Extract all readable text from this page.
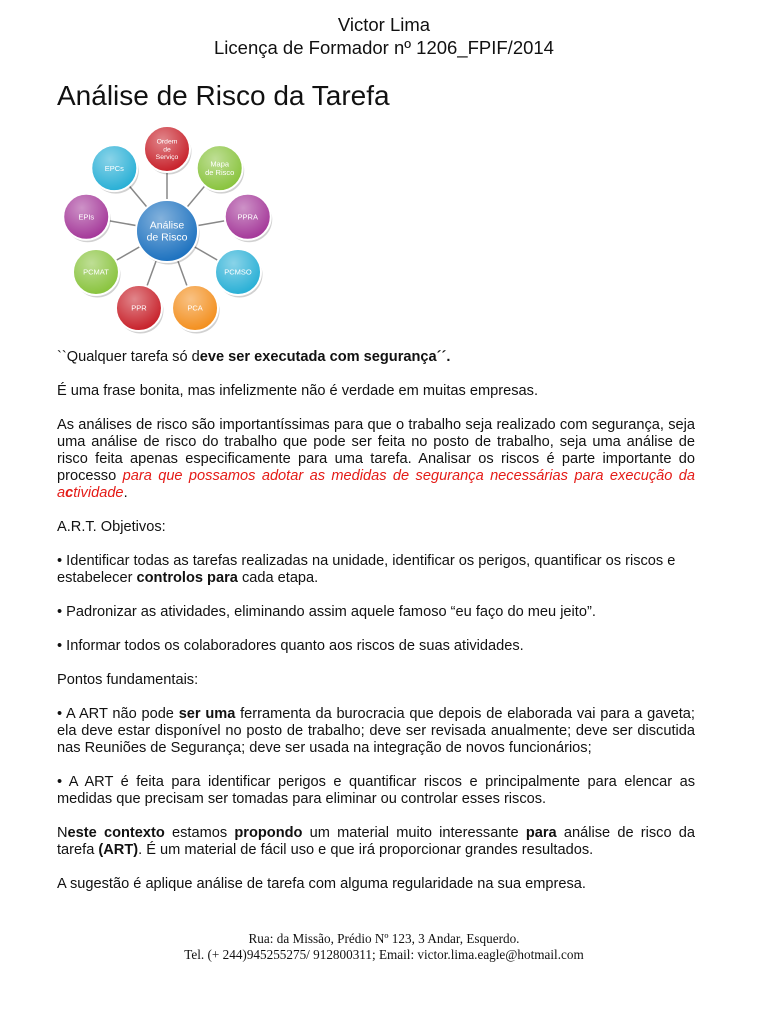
Victor Lima
Licença de Formador nº 1206_FPIF/2014
Análise de Risco da Tarefa
Ordem
de
Serviço
Mapa
de Risco
PPRA
PCMSO
PCA
PPR
PCMAT
EPIs
EPCs
Análise
de Risco

``Qualquer tarefa só deve ser executada com segurança´´.

É uma frase bonita, mas infelizmente não é verdade em muitas empresas.

As análises de risco são importantíssimas para que o trabalho seja realizado com segurança, seja uma análise de risco do trabalho que pode ser feita no posto de trabalho, seja uma análise de risco feita apenas especificamente para uma tarefa. Analisar os riscos é parte importante do processo para que possamos adotar as medidas de segurança necessárias para execução da actividade.

A.R.T. Objetivos:

• Identificar todas as tarefas realizadas na unidade, identificar os perigos, quantificar os riscos e estabelecer controlos para cada etapa.

• Padronizar as atividades, eliminando assim aquele famoso “eu faço do meu jeito”.

• Informar todos os colaboradores quanto aos riscos de suas atividades.

Pontos fundamentais:

• A ART não pode ser uma ferramenta da burocracia que depois de elaborada vai para a gaveta; ela deve estar disponível no posto de trabalho; deve ser revisada anualmente; deve ser discutida nas Reuniões de Segurança; deve ser usada na integração de novos funcionários;

• A ART é feita para identificar perigos e quantificar riscos e principalmente para elencar as medidas que precisam ser tomadas para eliminar ou controlar esses riscos.

Neste contexto estamos propondo um material muito interessante para análise de risco da tarefa (ART). É um material de fácil uso e que irá proporcionar grandes resultados.

A sugestão é aplique análise de tarefa com alguma regularidade na sua empresa.

Rua: da Missão, Prédio Nº 123, 3 Andar, Esquerdo.
Tel. (+ 244)945255275/ 912800311; Email: victor.lima.eagle@hotmail.com
